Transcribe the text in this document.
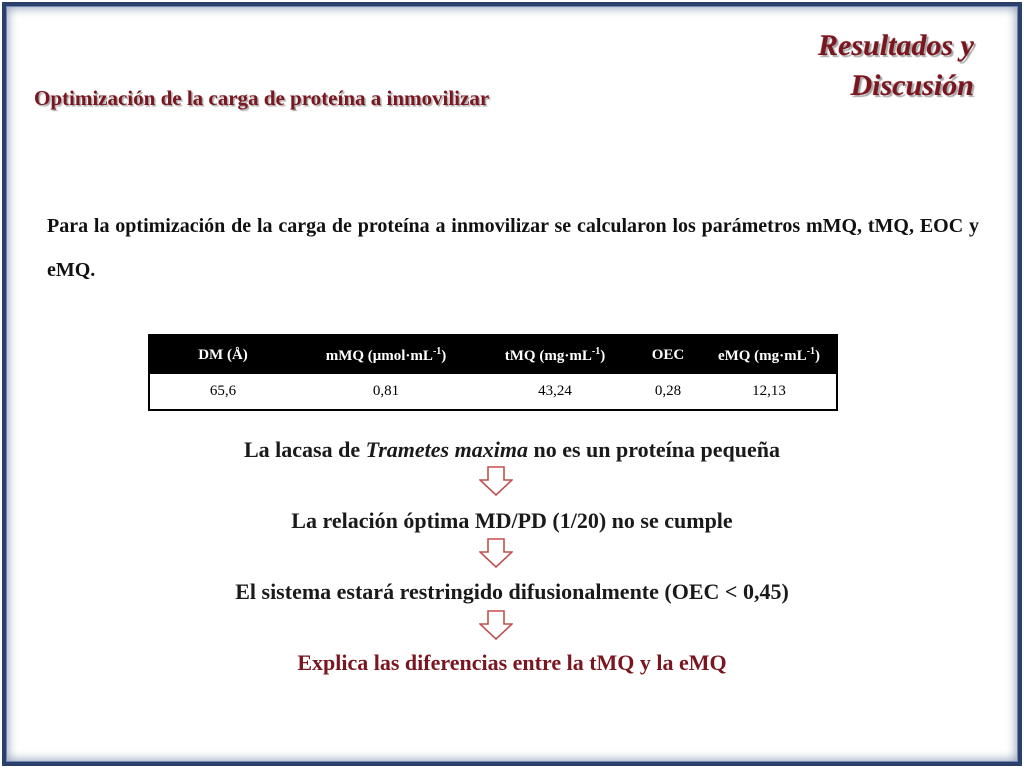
Resultados y
Discusión
Optimización de la carga de proteína a inmovilizar
Para la optimización de la carga de proteína a inmovilizar se calcularon los parámetros mMQ, tMQ, EOC y eMQ.
DM (Å)	mMQ $(\mu mol\cdot mL^{-1})$	tMQ $(mg\cdot mL^{-1})$	OEC	eMQ $(mg\cdot mL^{-1})$
65,6	0,81	43,24	0,28	12,13
La lacasa de Trametes maxima no es un proteína pequeña
La relación óptima MD/PD (1/20) no se cumple
El sistema estará restringido difusionalmente (OEC < 0,45)
Explica las diferencias entre la tMQ y la eMQ
